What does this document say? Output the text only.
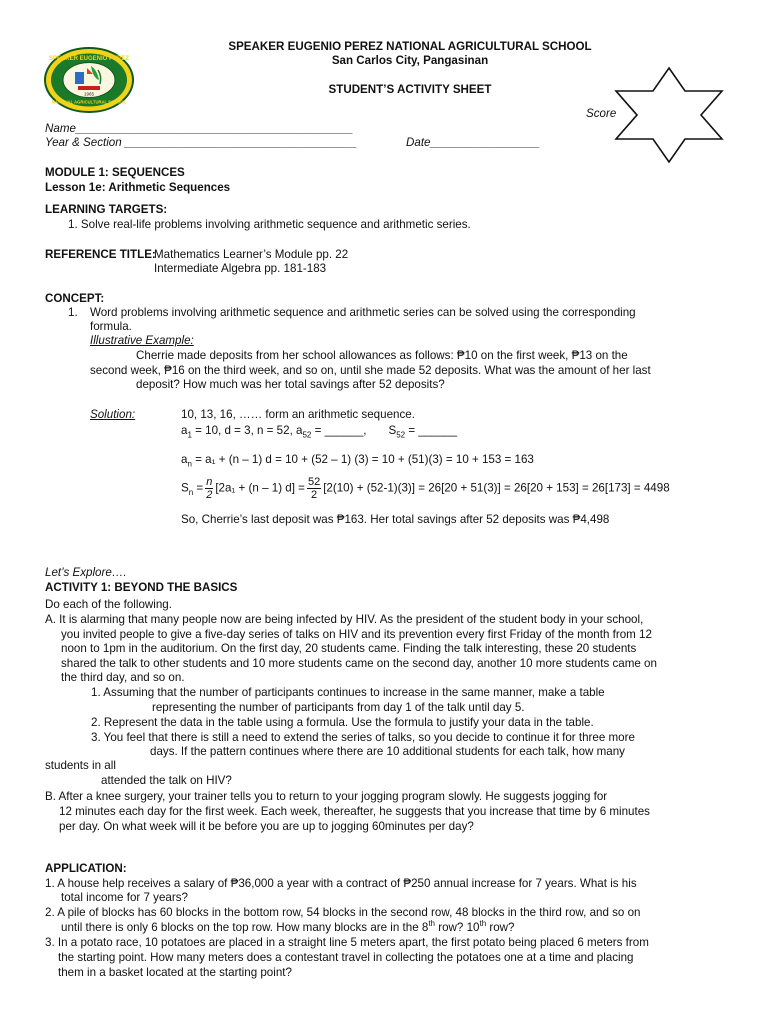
1965
SPEAKER EUGENIO PEREZ
NATIONAL AGRICULTURAL SCHOOL
SPEAKER EUGENIO PEREZ NATIONAL AGRICULTURAL SCHOOL
San Carlos City, Pangasinan
STUDENT’S ACTIVITY SHEET
Score
Name___________________________________________
Year & Section ____________________________________	Date_________________
MODULE 1: SEQUENCES
Lesson 1e: Arithmetic Sequences
LEARNING TARGETS:
1. Solve real-life problems involving arithmetic sequence and arithmetic series.
REFERENCE TITLE:
Mathematics Learner’s Module pp. 22
Intermediate Algebra pp. 181-183
CONCEPT:
1. Word problems involving arithmetic sequence and arithmetic series can be solved using the corresponding
formula.
Illustrative Example:
Cherrie made deposits from her school allowances as follows: ₱10 on the first week, ₱13 on the
second week, ₱16 on the third week, and so on, until she made 52 deposits. What was the amount of her last
deposit? How much was her total savings after 52 deposits?
Solution:	10, 13, 16, …… form an arithmetic sequence.
$a_1 = 10$, d = 3, n = 52, $a_{52}$ = ______, $S_{52}$ = ______
$a_n = a_1 + (n - 1) d = 10 + (52 - 1) (3) = 10 + (51)(3) = 10 + 153 = 163$
$S_n = \frac{n}{2} [2a_1 + (n - 1) d] = \frac{52}{2} [2(10) + (52-1)(3)] = 26[20 + 51(3)] = 26[20 + 153] = 26[173] = 4498$
So, Cherrie’s last deposit was ₱163. Her total savings after 52 deposits was ₱4,498
Let’s Explore….
ACTIVITY 1: BEYOND THE BASICS
Do each of the following.
A. It is alarming that many people now are being infected by HIV. As the president of the student body in your school,
you invited people to give a five-day series of talks on HIV and its prevention every first Friday of the month from 12
noon to 1pm in the auditorium. On the first day, 20 students came. Finding the talk interesting, these 20 students
shared the talk to other students and 10 more students came on the second day, another 10 more students came on
the third day, and so on.
1. Assuming that the number of participants continues to increase in the same manner, make a table
representing the number of participants from day 1 of the talk until day 5.
2. Represent the data in the table using a formula. Use the formula to justify your data in the table.
3. You feel that there is still a need to extend the series of talks, so you decide to continue it for three more
days. If the pattern continues where there are 10 additional students for each talk, how many
students in all
attended the talk on HIV?
B. After a knee surgery, your trainer tells you to return to your jogging program slowly. He suggests jogging for
12 minutes each day for the first week. Each week, thereafter, he suggests that you increase that time by 6 minutes
per day. On what week will it be before you are up to jogging 60minutes per day?
APPLICATION:
1. A house help receives a salary of ₱36,000 a year with a contract of ₱250 annual increase for 7 years. What is his
total income for 7 years?
2. A pile of blocks has 60 blocks in the bottom row, 54 blocks in the second row, 48 blocks in the third row, and so on
until there is only 6 blocks on the top row. How many blocks are in the 8th row? 10th row?
3. In a potato race, 10 potatoes are placed in a straight line 5 meters apart, the first potato being placed 6 meters from
the starting point. How many meters does a contestant travel in collecting the potatoes one at a time and placing
them in a basket located at the starting point?
